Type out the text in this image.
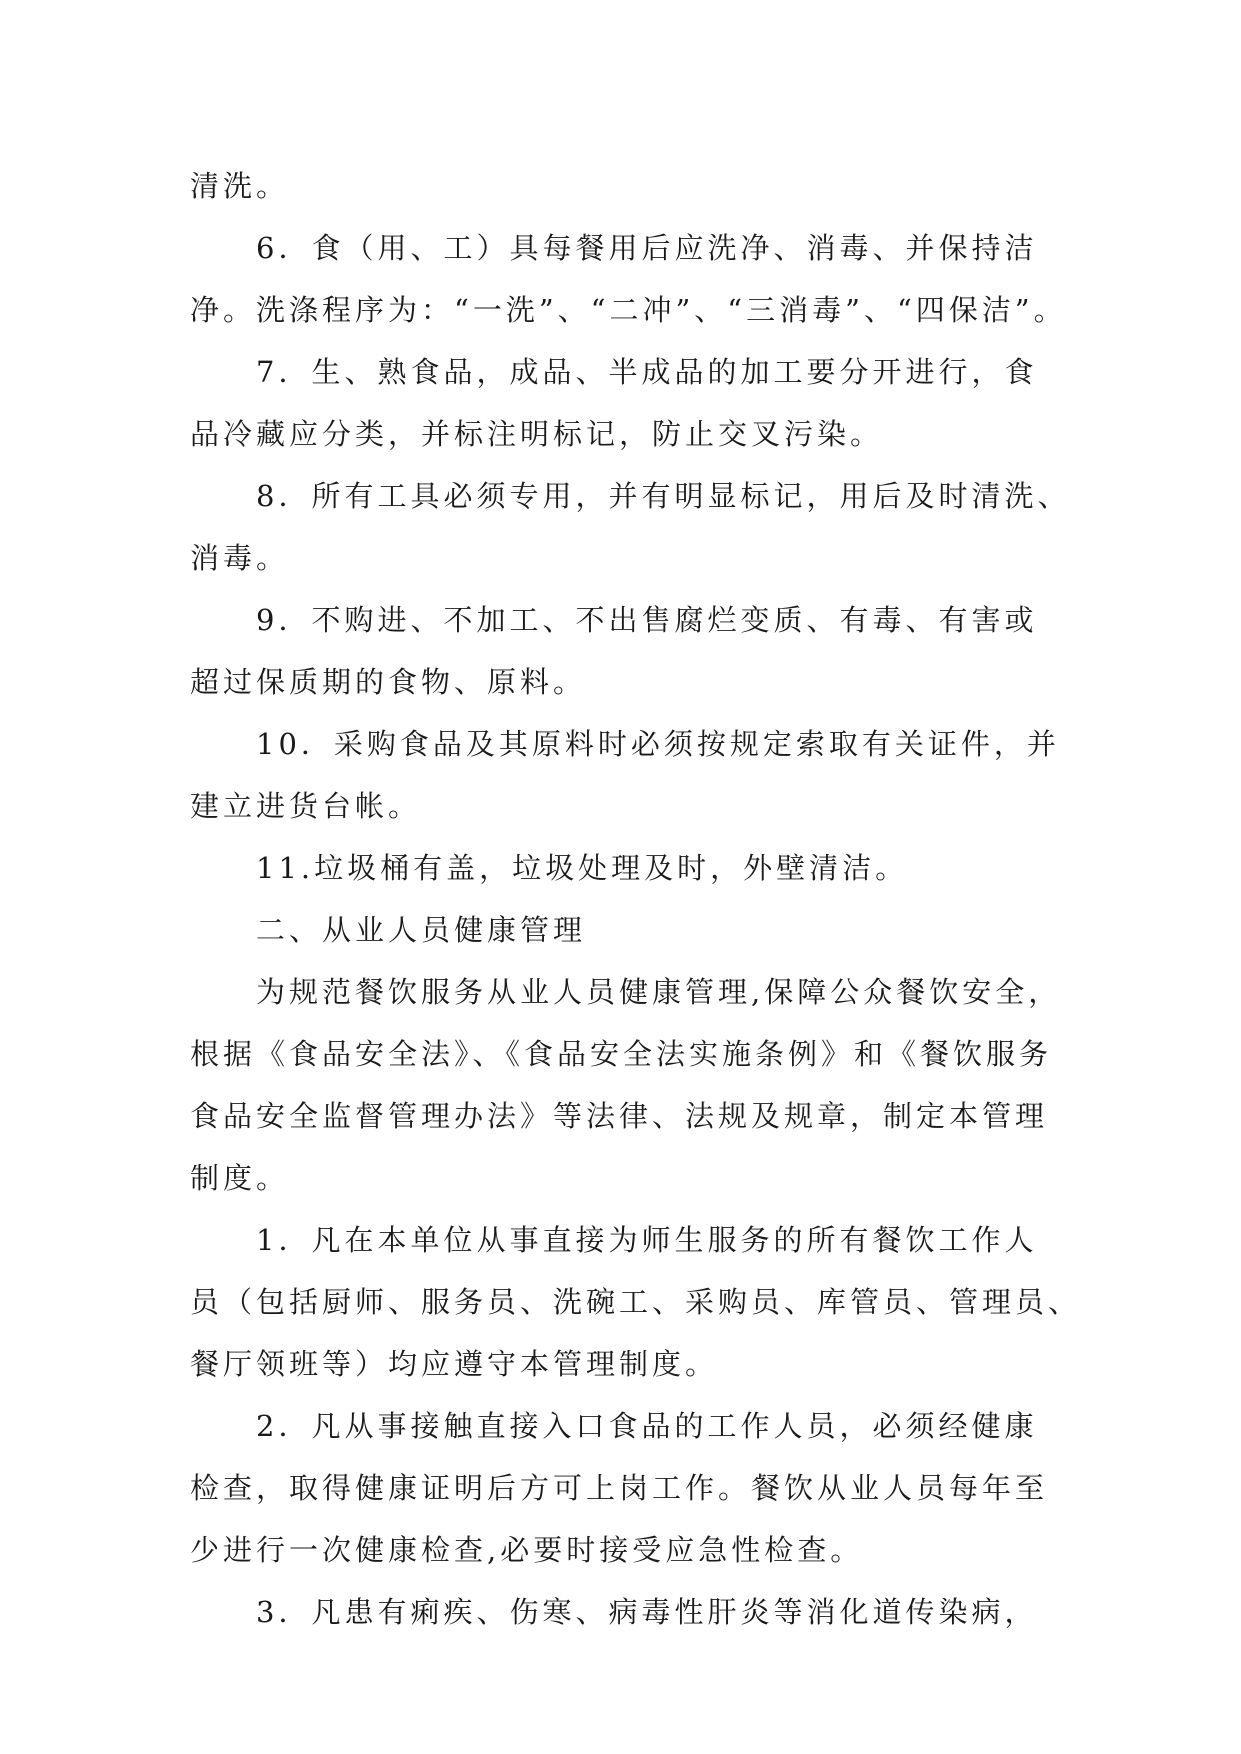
清洗。
6．食（用、工）具每餐用后应洗净、消毒、并保持洁
净。洗涤程序为：“一洗”、“二冲”、“三消毒”、“四保洁”。
7．生、熟食品，成品、半成品的加工要分开进行，食
品冷藏应分类，并标注明标记，防止交叉污染。
8．所有工具必须专用，并有明显标记，用后及时清洗、
消毒。
9．不购进、不加工、不出售腐烂变质、有毒、有害或
超过保质期的食物、原料。
10．采购食品及其原料时必须按规定索取有关证件，并
建立进货台帐。
11.垃圾桶有盖，垃圾处理及时，外壁清洁。
二、从业人员健康管理
为规范餐饮服务从业人员健康管理,保障公众餐饮安全，
根据《食品安全法》、《食品安全法实施条例》和《餐饮服务
食品安全监督管理办法》等法律、法规及规章，制定本管理
制度。
1．凡在本单位从事直接为师生服务的所有餐饮工作人
员（包括厨师、服务员、洗碗工、采购员、库管员、管理员、
餐厅领班等）均应遵守本管理制度。
2．凡从事接触直接入口食品的工作人员，必须经健康
检查，取得健康证明后方可上岗工作。餐饮从业人员每年至
少进行一次健康检查,必要时接受应急性检查。
3．凡患有痢疾、伤寒、病毒性肝炎等消化道传染病，
